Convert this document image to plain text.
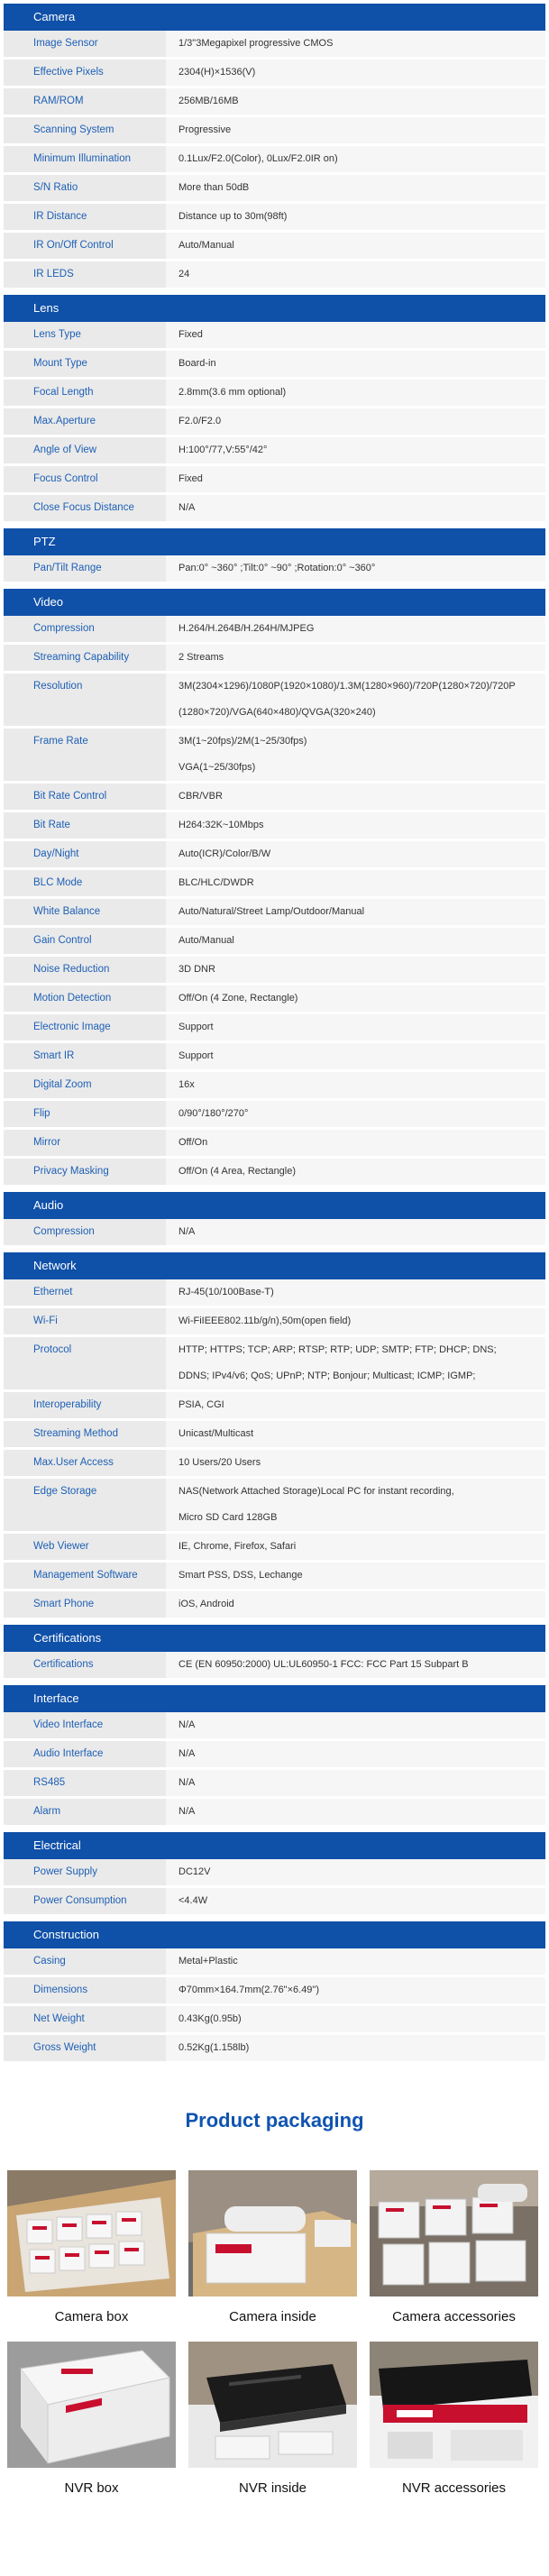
Camera
Image Sensor	1/3"3Megapixel progressive CMOS
Effective Pixels	2304(H)×1536(V)
RAM/ROM	256MB/16MB
Scanning System	Progressive
Minimum Illumination	0.1Lux/F2.0(Color), 0Lux/F2.0IR on)
S/N Ratio	More than 50dB
IR Distance	Distance up to 30m(98ft)
IR On/Off Control	Auto/Manual
IR LEDS	24
Lens
Lens Type	Fixed
Mount Type	Board-in
Focal Length	2.8mm(3.6 mm optional)
Max.Aperture	F2.0/F2.0
Angle of View	H:100°/77,V:55°/42°
Focus Control	Fixed
Close Focus Distance	N/A
PTZ
Pan/Tilt Range	Pan:0° ~360° ;Tilt:0° ~90° ;Rotation:0° ~360°
Video
Compression	H.264/H.264B/H.264H/MJPEG
Streaming Capability	2 Streams
Resolution	3M(2304×1296)/1080P(1920×1080)/1.3M(1280×960)/720P(1280×720)/720P
(1280×720)/VGA(640×480)/QVGA(320×240)
Frame Rate	3M(1~20fps)/2M(1~25/30fps)
VGA(1~25/30fps)
Bit Rate Control	CBR/VBR
Bit Rate	H264:32K~10Mbps
Day/Night	Auto(ICR)/Color/B/W
BLC Mode	BLC/HLC/DWDR
White Balance	Auto/Natural/Street Lamp/Outdoor/Manual
Gain Control	Auto/Manual
Noise Reduction	3D DNR
Motion Detection	Off/On (4 Zone, Rectangle)
Electronic Image	Support
Smart IR	Support
Digital Zoom	16x
Flip	0/90°/180°/270°
Mirror	Off/On
Privacy Masking	Off/On (4 Area, Rectangle)
Audio
Compression	N/A
Network
Ethernet	RJ-45(10/100Base-T)
Wi-Fi	Wi-FiIEEE802.11b/g/n),50m(open field)
Protocol	HTTP; HTTPS; TCP; ARP; RTSP; RTP; UDP; SMTP; FTP; DHCP; DNS;
DDNS; IPv4/v6; QoS; UPnP; NTP; Bonjour; Multicast; ICMP; IGMP;
Interoperability	PSIA, CGI
Streaming Method	Unicast/Multicast
Max.User Access	10 Users/20 Users
Edge Storage	NAS(Network Attached Storage)Local PC for instant recording,
Micro SD Card 128GB
Web Viewer	IE, Chrome, Firefox, Safari
Management Software	Smart PSS, DSS, Lechange
Smart Phone	iOS, Android
Certifications
Certifications	CE (EN 60950:2000) UL:UL60950-1 FCC: FCC Part 15 Subpart B
Interface
Video Interface	N/A
Audio Interface	N/A
RS485	N/A
Alarm	N/A
Electrical
Power Supply	DC12V
Power Consumption	<4.4W
Construction
Casing	Metal+Plastic
Dimensions	Φ70mm×164.7mm(2.76"×6.49")
Net Weight	0.43Kg(0.95b)
Gross Weight	0.52Kg(1.158lb)
Product packaging
Camera box	Camera inside	Camera accessories
NVR box	NVR inside	NVR accessories
